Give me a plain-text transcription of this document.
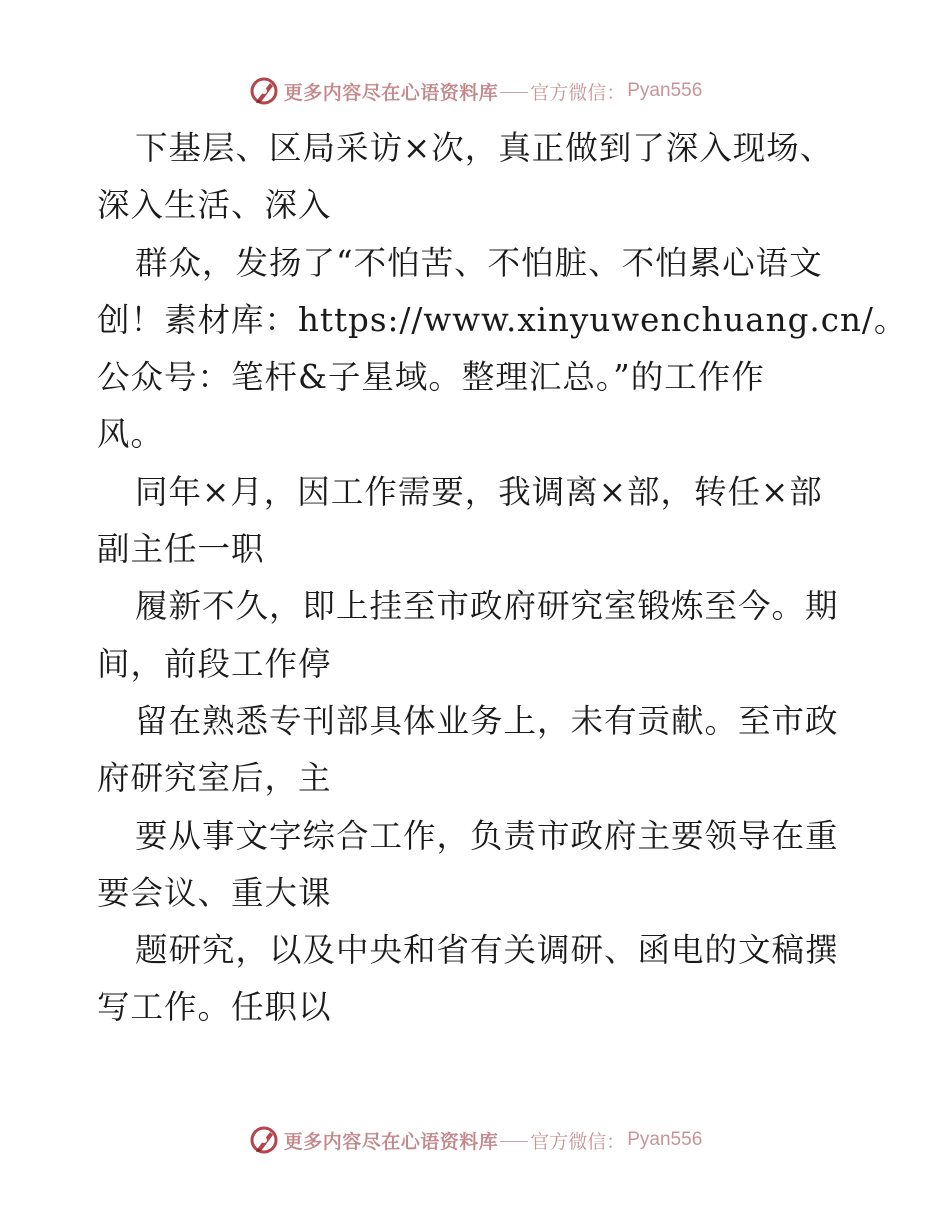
更多内容尽在心语资料库 官方微信： Pyan556
下基层、区局采访×次，真正做到了深入现场、
深入生活、深入
群众，发扬了“不怕苦、不怕脏、不怕累心语文
创！素材库：https://www.xinyuwenchuang.cn/。
公众号：笔杆&子星域。整理汇总。”的工作作
风。
同年×月，因工作需要，我调离×部，转任×部
副主任一职
履新不久，即上挂至市政府研究室锻炼至今。期
间，前段工作停
留在熟悉专刊部具体业务上，未有贡献。至市政
府研究室后，主
要从事文字综合工作，负责市政府主要领导在重
要会议、重大课
题研究，以及中央和省有关调研、函电的文稿撰
写工作。任职以
更多内容尽在心语资料库 官方微信： Pyan556
